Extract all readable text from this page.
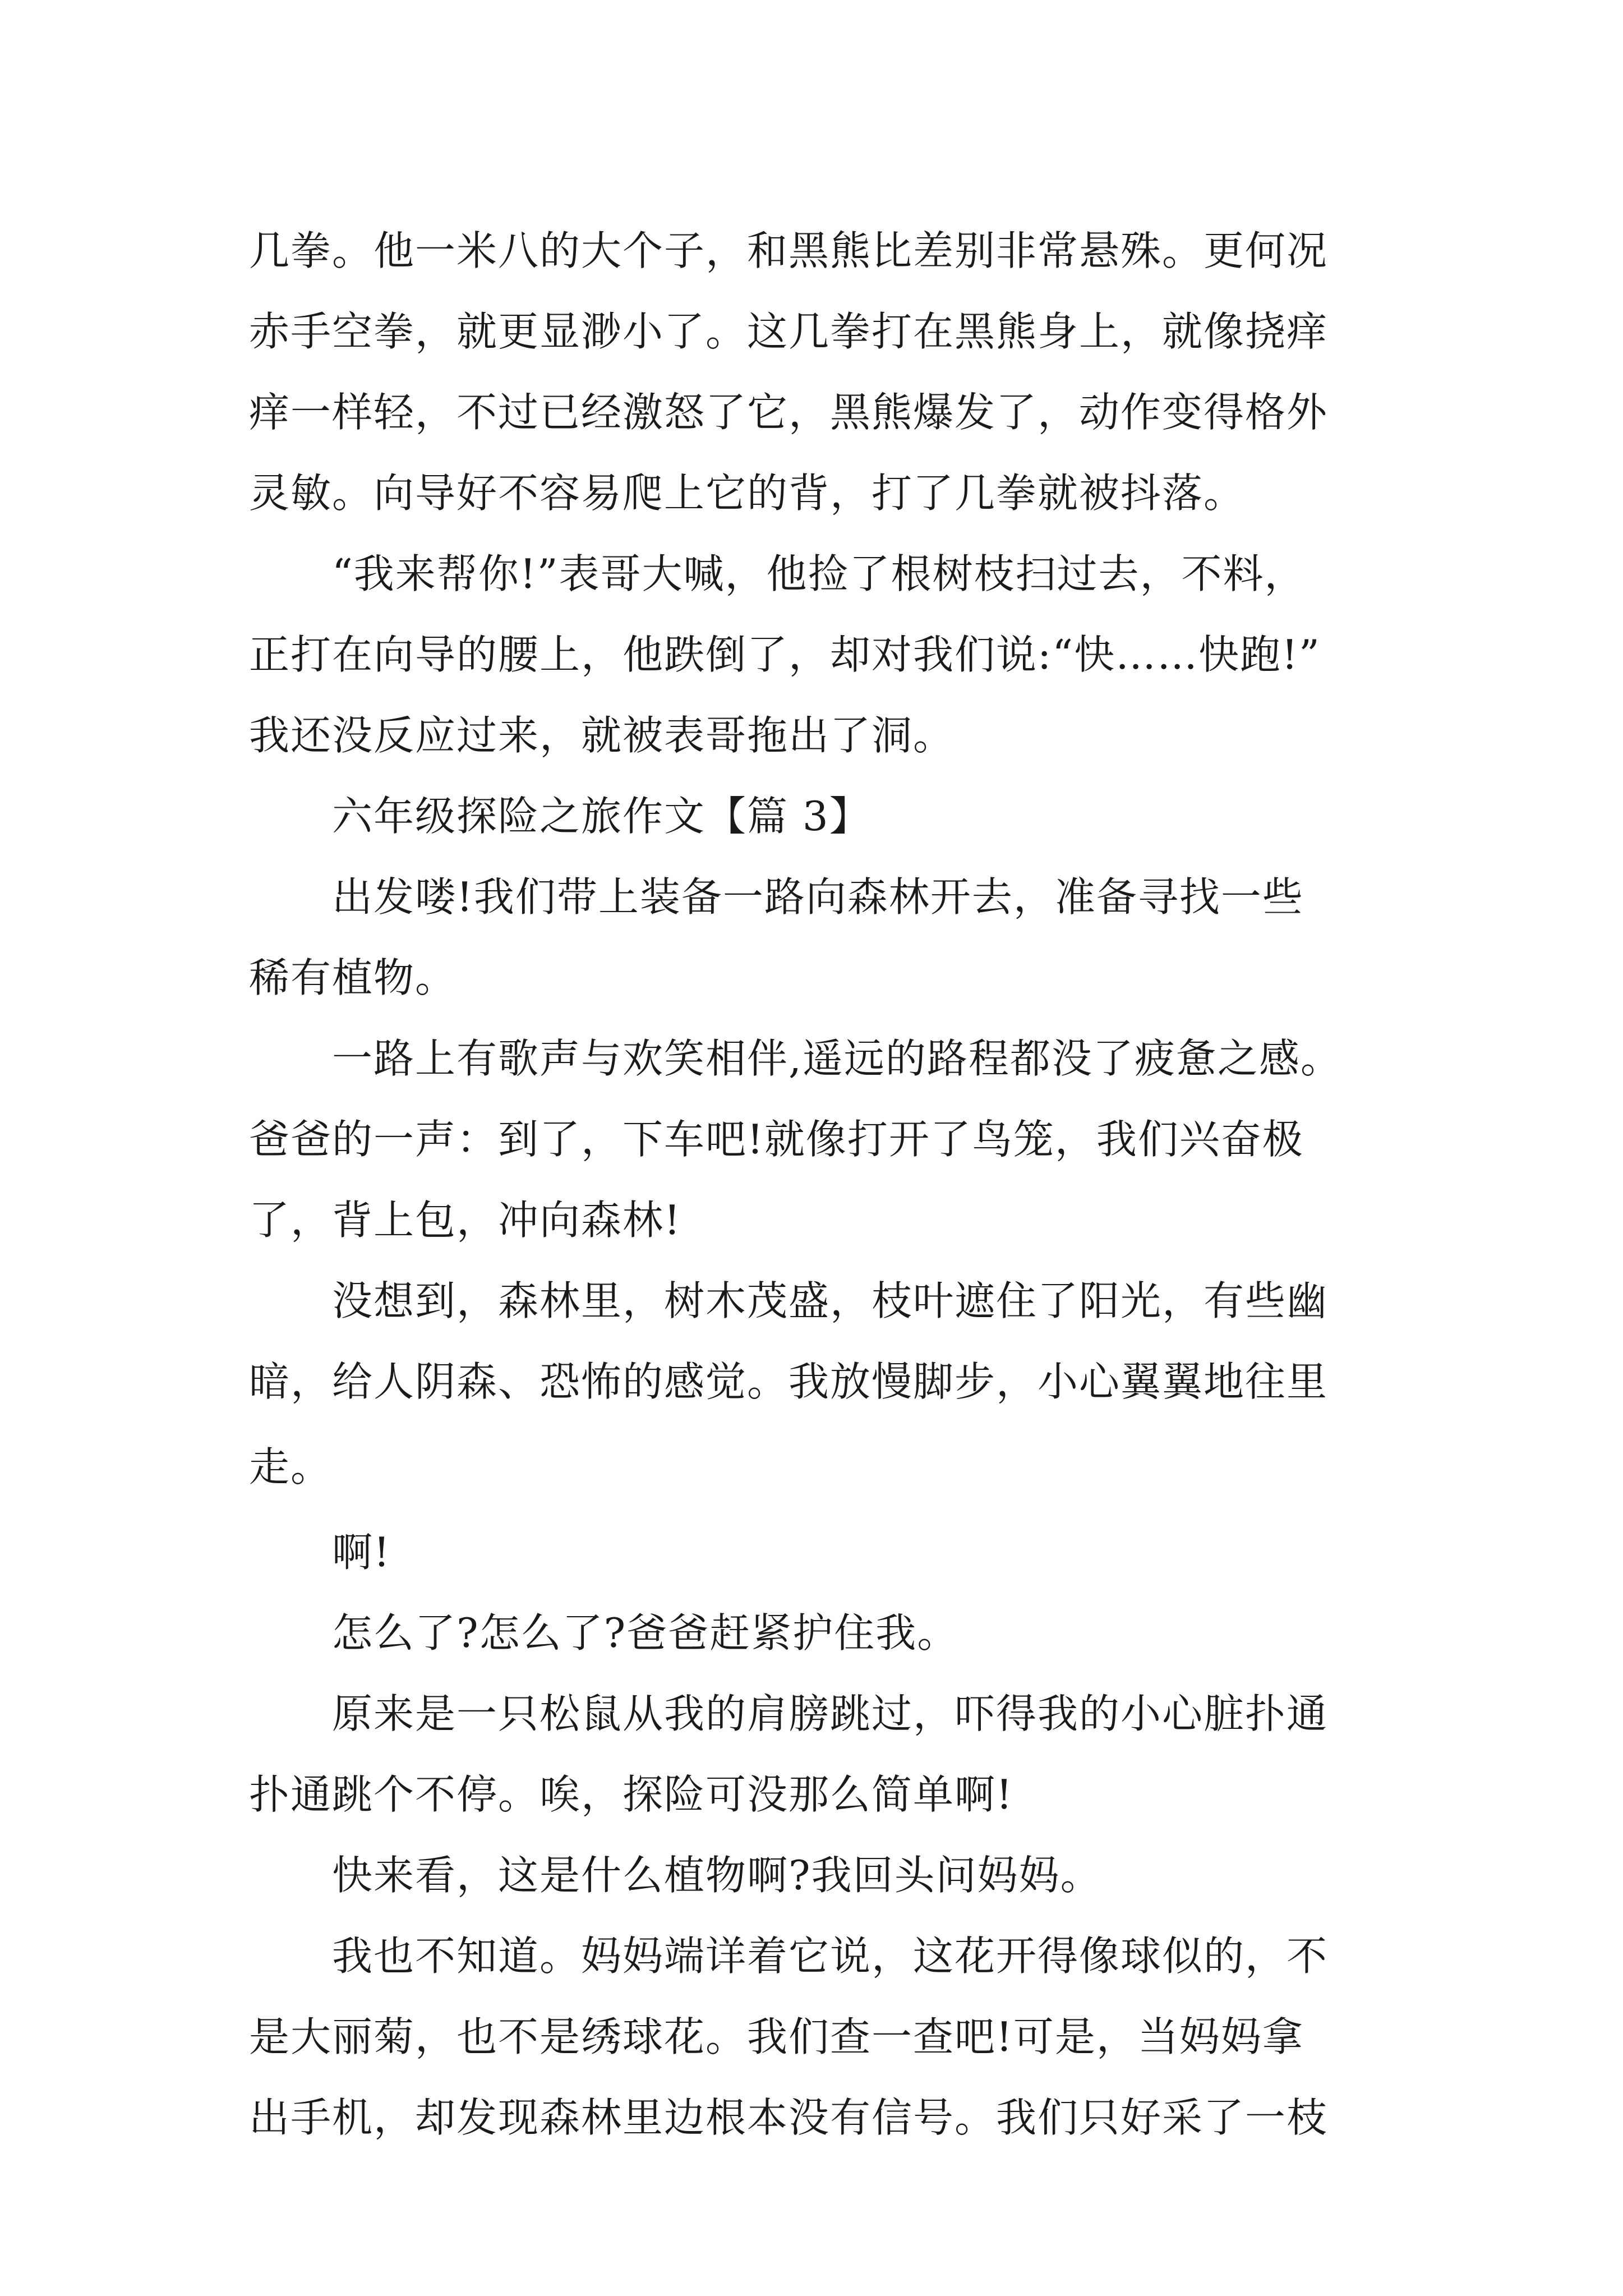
几拳。他一米八的大个子，和黑熊比差别非常悬殊。更何况
赤手空拳，就更显渺小了。这几拳打在黑熊身上，就像挠痒
痒一样轻，不过已经激怒了它，黑熊爆发了，动作变得格外
灵敏。向导好不容易爬上它的背，打了几拳就被抖落。
“我来帮你!”表哥大喊，他捡了根树枝扫过去，不料，
正打在向导的腰上，他跌倒了，却对我们说:“快……快跑!”
我还没反应过来，就被表哥拖出了洞。
六年级探险之旅作文【篇 3】
出发喽!我们带上装备一路向森林开去，准备寻找一些
稀有植物。
一路上有歌声与欢笑相伴,遥远的路程都没了疲惫之感。
爸爸的一声：到了，下车吧!就像打开了鸟笼，我们兴奋极
了，背上包，冲向森林!
没想到，森林里，树木茂盛，枝叶遮住了阳光，有些幽
暗，给人阴森、恐怖的感觉。我放慢脚步，小心翼翼地往里
走。
啊!
怎么了?怎么了?爸爸赶紧护住我。
原来是一只松鼠从我的肩膀跳过，吓得我的小心脏扑通
扑通跳个不停。唉，探险可没那么简单啊!
快来看，这是什么植物啊?我回头问妈妈。
我也不知道。妈妈端详着它说，这花开得像球似的，不
是大丽菊，也不是绣球花。我们查一查吧!可是，当妈妈拿
出手机，却发现森林里边根本没有信号。我们只好采了一枝
